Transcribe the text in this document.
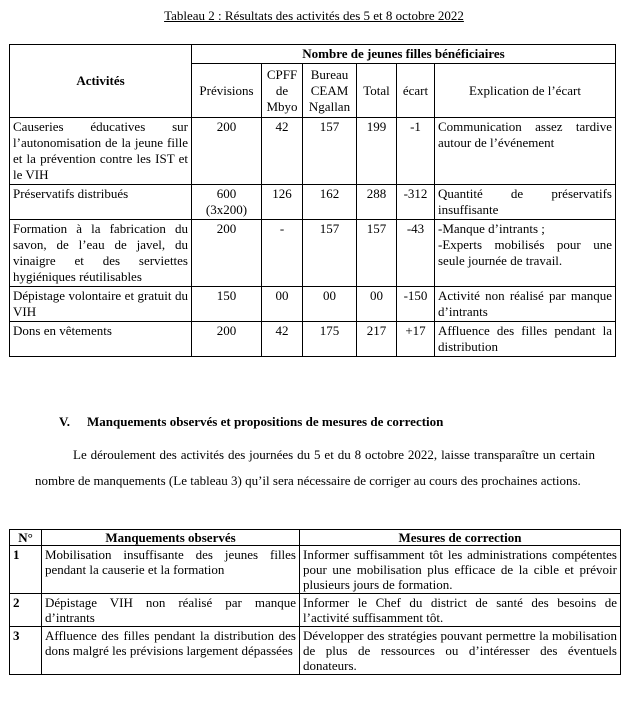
Tableau 2 : Résultats des activités des 5 et 8 octobre 2022
Activités	Nombre de jeunes filles bénéficiaires					
	Prévisions	CPFF de Mbyo	Bureau CEAM Ngallan	Total	écart	Explication de l’écart
Causeries éducatives sur l’autonomisation de la jeune fille et la prévention contre les IST et le VIH	200	42	157	199	-1	Communication assez tardive autour de l’événement
Préservatifs distribués	600 (3x200)	126	162	288	-312	Quantité de préservatifs insuffisante
Formation à la fabrication du savon, de l’eau de javel, du vinaigre et des serviettes hygiéniques réutilisables	200	-	157	157	-43	-Manque d’intrants ;
-Experts mobilisés pour une seule journée de travail.

Dépistage volontaire et gratuit du VIH	150	00	00	00	-150	Activité non réalisé par manque d’intrants
Dons en vêtements	200	42	175	217	+17	Affluence des filles pendant la distribution
V. Manquements observés et propositions de mesures de correction
Le déroulement des activités des journées du 5 et du 8 octobre 2022, laisse transparaître un certain nombre de manquements (Le tableau 3) qu’il sera nécessaire de corriger au cours des prochaines actions.
N°	Manquements observés	Mesures de correction
1	Mobilisation insuffisante des jeunes filles pendant la causerie et la formation	Informer suffisamment tôt les administrations compétentes pour une mobilisation plus efficace de la cible et prévoir plusieurs jours de formation.
2	Dépistage VIH non réalisé par manque d’intrants	Informer le Chef du district de santé des besoins de l’activité suffisamment tôt.
3	Affluence des filles pendant la distribution des dons malgré les prévisions largement dépassées	Développer des stratégies pouvant permettre la mobilisation de plus de ressources ou d’intéresser des éventuels donateurs.
